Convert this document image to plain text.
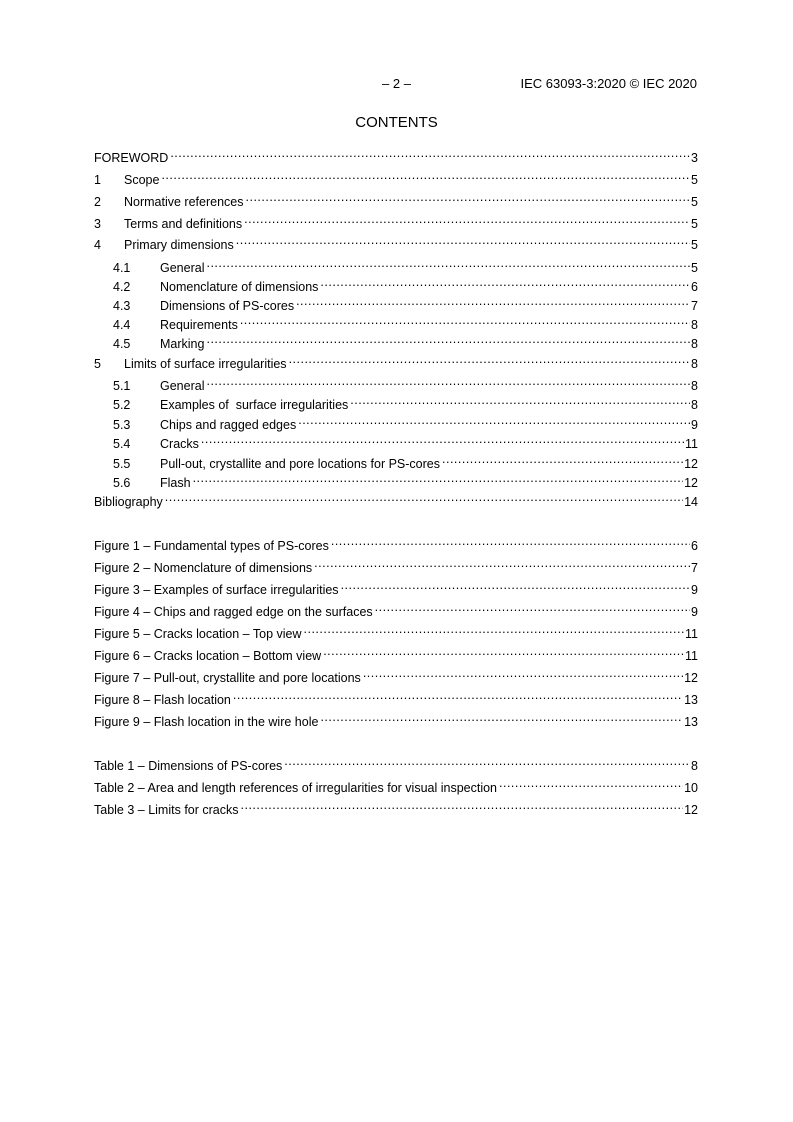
– 2 –	IEC 63093-3:2020 © IEC 2020
CONTENTS
FOREWORD .....	3
1	Scope .....	5
2	Normative references .....	5
3	Terms and definitions .....	5
4	Primary dimensions .....	5
4.1	General .....	5
4.2	Nomenclature of dimensions .....	6
4.3	Dimensions of PS-cores .....	7
4.4	Requirements .....	8
4.5	Marking .....	8
5	Limits of surface irregularities .....	8
5.1	General .....	8
5.2	Examples of  surface irregularities .....	8
5.3	Chips and ragged edges .....	9
5.4	Cracks .....	11
5.5	Pull-out, crystallite and pore locations for PS-cores .....	12
5.6	Flash .....	12
Bibliography .....	14
Figure 1 – Fundamental types of PS-cores .....	6
Figure 2 – Nomenclature of dimensions .....	7
Figure 3 – Examples of surface irregularities .....	9
Figure 4 – Chips and ragged edge on the surfaces .....	9
Figure 5 – Cracks location – Top view .....	11
Figure 6 – Cracks location – Bottom view .....	11
Figure 7 – Pull-out, crystallite and pore locations .....	12
Figure 8 – Flash location .....	13
Figure 9 – Flash location in the wire hole .....	13
Table 1 – Dimensions of PS-cores .....	8
Table 2 – Area and length references of irregularities for visual inspection .....	10
Table 3 – Limits for cracks .....	12
